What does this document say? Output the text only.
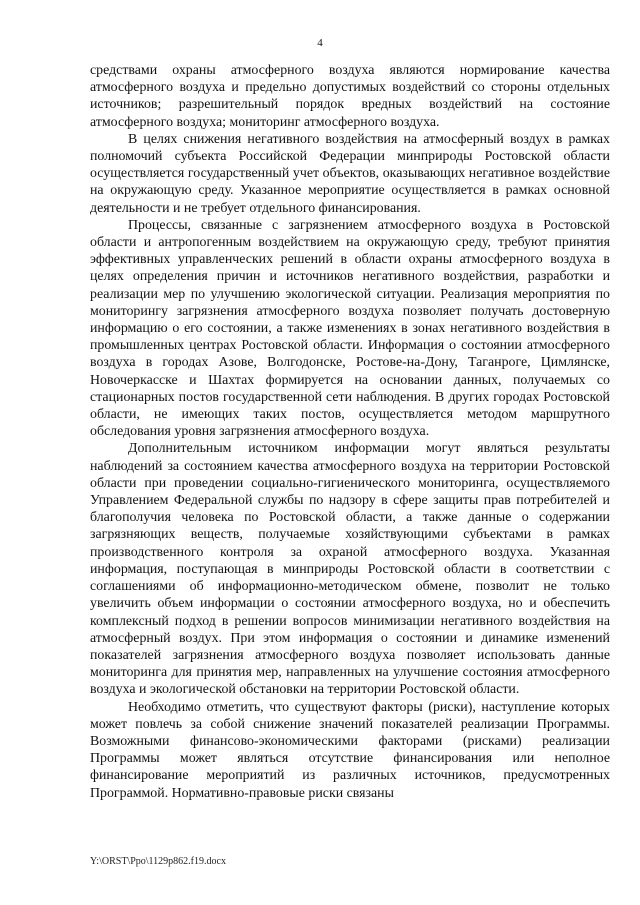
4

средствами охраны атмосферного воздуха являются нормирование качества атмосферного воздуха и предельно допустимых воздействий со стороны отдельных источников; разрешительный порядок вредных воздействий на состояние атмосферного воздуха; мониторинг атмосферного воздуха.

В целях снижения негативного воздействия на атмосферный воздух в рамках полномочий субъекта Российской Федерации минприроды Ростовской области осуществляется государственный учет объектов, оказывающих негативное воздействие на окружающую среду. Указанное мероприятие осуществляется в рамках основной деятельности и не требует отдельного финансирования.

Процессы, связанные с загрязнением атмосферного воздуха в Ростовской области и антропогенным воздействием на окружающую среду, требуют принятия эффективных управленческих решений в области охраны атмосферного воздуха в целях определения причин и источников негативного воздействия, разработки и реализации мер по улучшению экологической ситуации. Реализация мероприятия по мониторингу загрязнения атмосферного воздуха позволяет получать достоверную информацию о его состоянии, а также изменениях в зонах негативного воздействия в промышленных центрах Ростовской области. Информация о состоянии атмосферного воздуха в городах Азове, Волгодонске, Ростове-на-Дону, Таганроге, Цимлянске, Новочеркасске и Шахтах формируется на основании данных, получаемых со стационарных постов государственной сети наблюдения. В других городах Ростовской области, не имеющих таких постов, осуществляется методом маршрутного обследования уровня загрязнения атмосферного воздуха.

Дополнительным источником информации могут являться результаты наблюдений за состоянием качества атмосферного воздуха на территории Ростовской области при проведении социально-гигиенического мониторинга, осуществляемого Управлением Федеральной службы по надзору в сфере защиты прав потребителей и благополучия человека по Ростовской области, а также данные о содержании загрязняющих веществ, получаемые хозяйствующими субъектами в рамках производственного контроля за охраной атмосферного воздуха. Указанная информация, поступающая в минприроды Ростовской области в соответствии с соглашениями об информационно-методическом обмене, позволит не только увеличить объем информации о состоянии атмосферного воздуха, но и обеспечить комплексный подход в решении вопросов минимизации негативного воздействия на атмосферный воздух. При этом информация о состоянии и динамике изменений показателей загрязнения атмосферного воздуха позволяет использовать данные мониторинга для принятия мер, направленных на улучшение состояния атмосферного воздуха и экологической обстановки на территории Ростовской области.

Необходимо отметить, что существуют факторы (риски), наступление которых может повлечь за собой снижение значений показателей реализации Программы. Возможными финансово-экономическими факторами (рисками) реализации Программы может являться отсутствие финансирования или неполное финансирование мероприятий из различных источников, предусмотренных Программой. Нормативно-правовые риски связаны

Y:\ORST\Ppo\1129p862.f19.docx
